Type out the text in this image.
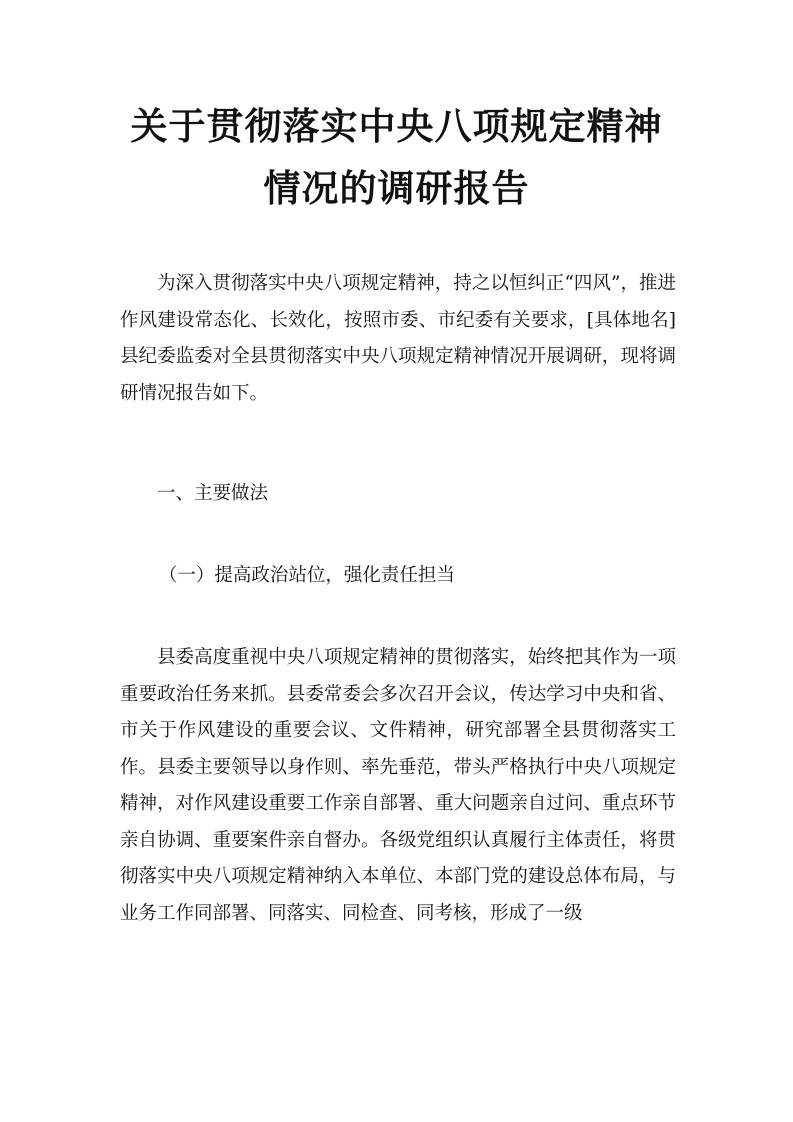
关于贯彻落实中央八项规定精神
情况的调研报告

为深入贯彻落实中央八项规定精神，持之以恒纠正“四风”，推进作风建设常态化、长效化，按照市委、市纪委有关要求，[具体地名]县纪委监委对全县贯彻落实中央八项规定精神情况开展调研，现将调研情况报告如下。

一、主要做法

（一）提高政治站位，强化责任担当

县委高度重视中央八项规定精神的贯彻落实，始终把其作为一项重要政治任务来抓。县委常委会多次召开会议，传达学习中央和省、市关于作风建设的重要会议、文件精神，研究部署全县贯彻落实工作。县委主要领导以身作则、率先垂范，带头严格执行中央八项规定精神，对作风建设重要工作亲自部署、重大问题亲自过问、重点环节亲自协调、重要案件亲自督办。各级党组织认真履行主体责任，将贯彻落实中央八项规定精神纳入本单位、本部门党的建设总体布局，与业务工作同部署、同落实、同检查、同考核，形成了一级
